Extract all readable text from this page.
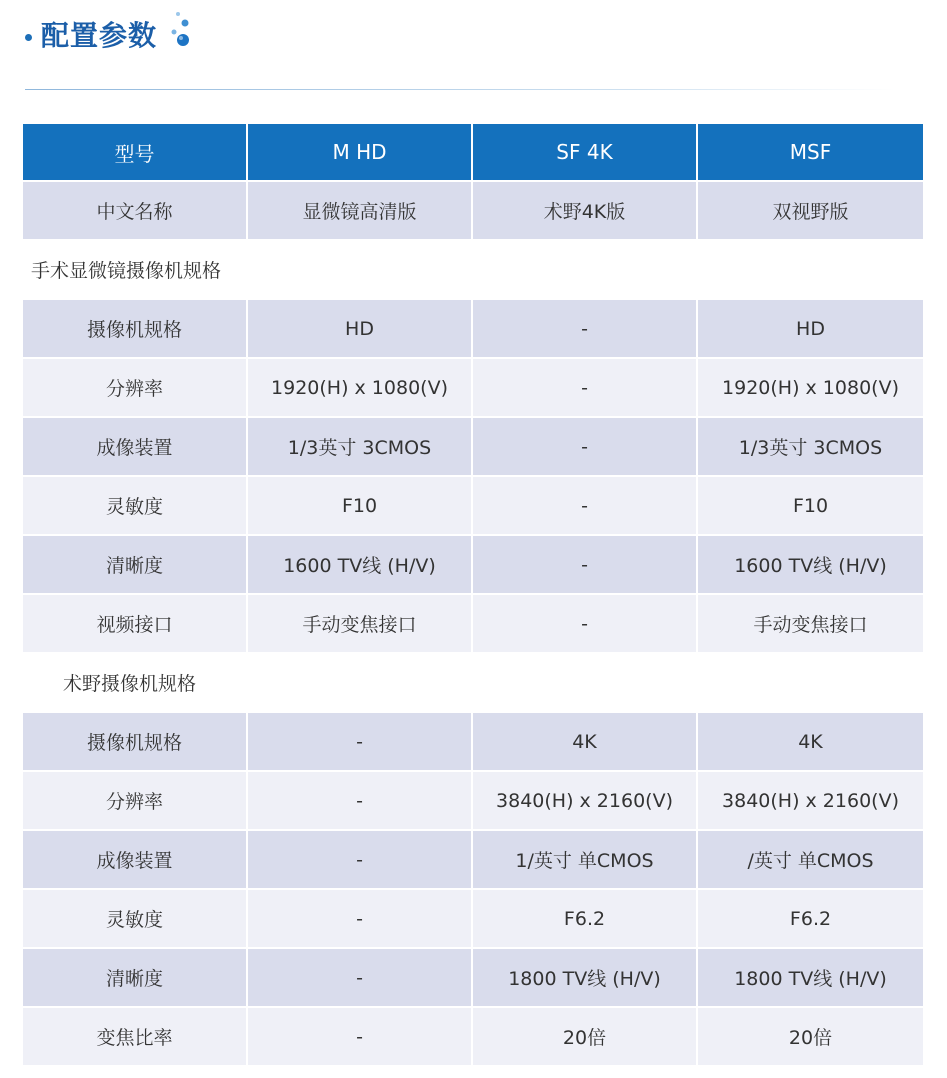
配置参数
型号	M HD	SF 4K	MSF
中文名称	显微镜高清版	术野4K版	双视野版
手术显微镜摄像机规格			
摄像机规格	HD	-	HD
分辨率	1920(H) x 1080(V)	-	1920(H) x 1080(V)
成像装置	1/3英寸 3CMOS	-	1/3英寸 3CMOS
灵敏度	F10	-	F10
清晰度	1600 TV线 (H/V)	-	1600 TV线 (H/V)
视频接口	手动变焦接口	-	手动变焦接口
术野摄像机规格			
摄像机规格	-	4K	4K
分辨率	-	3840(H) x 2160(V)	3840(H) x 2160(V)
成像装置	-	1/英寸 单CMOS	/英寸 单CMOS
灵敏度	-	F6.2	F6.2
清晰度	-	1800 TV线 (H/V)	1800 TV线 (H/V)
变焦比率	-	20倍	20倍
